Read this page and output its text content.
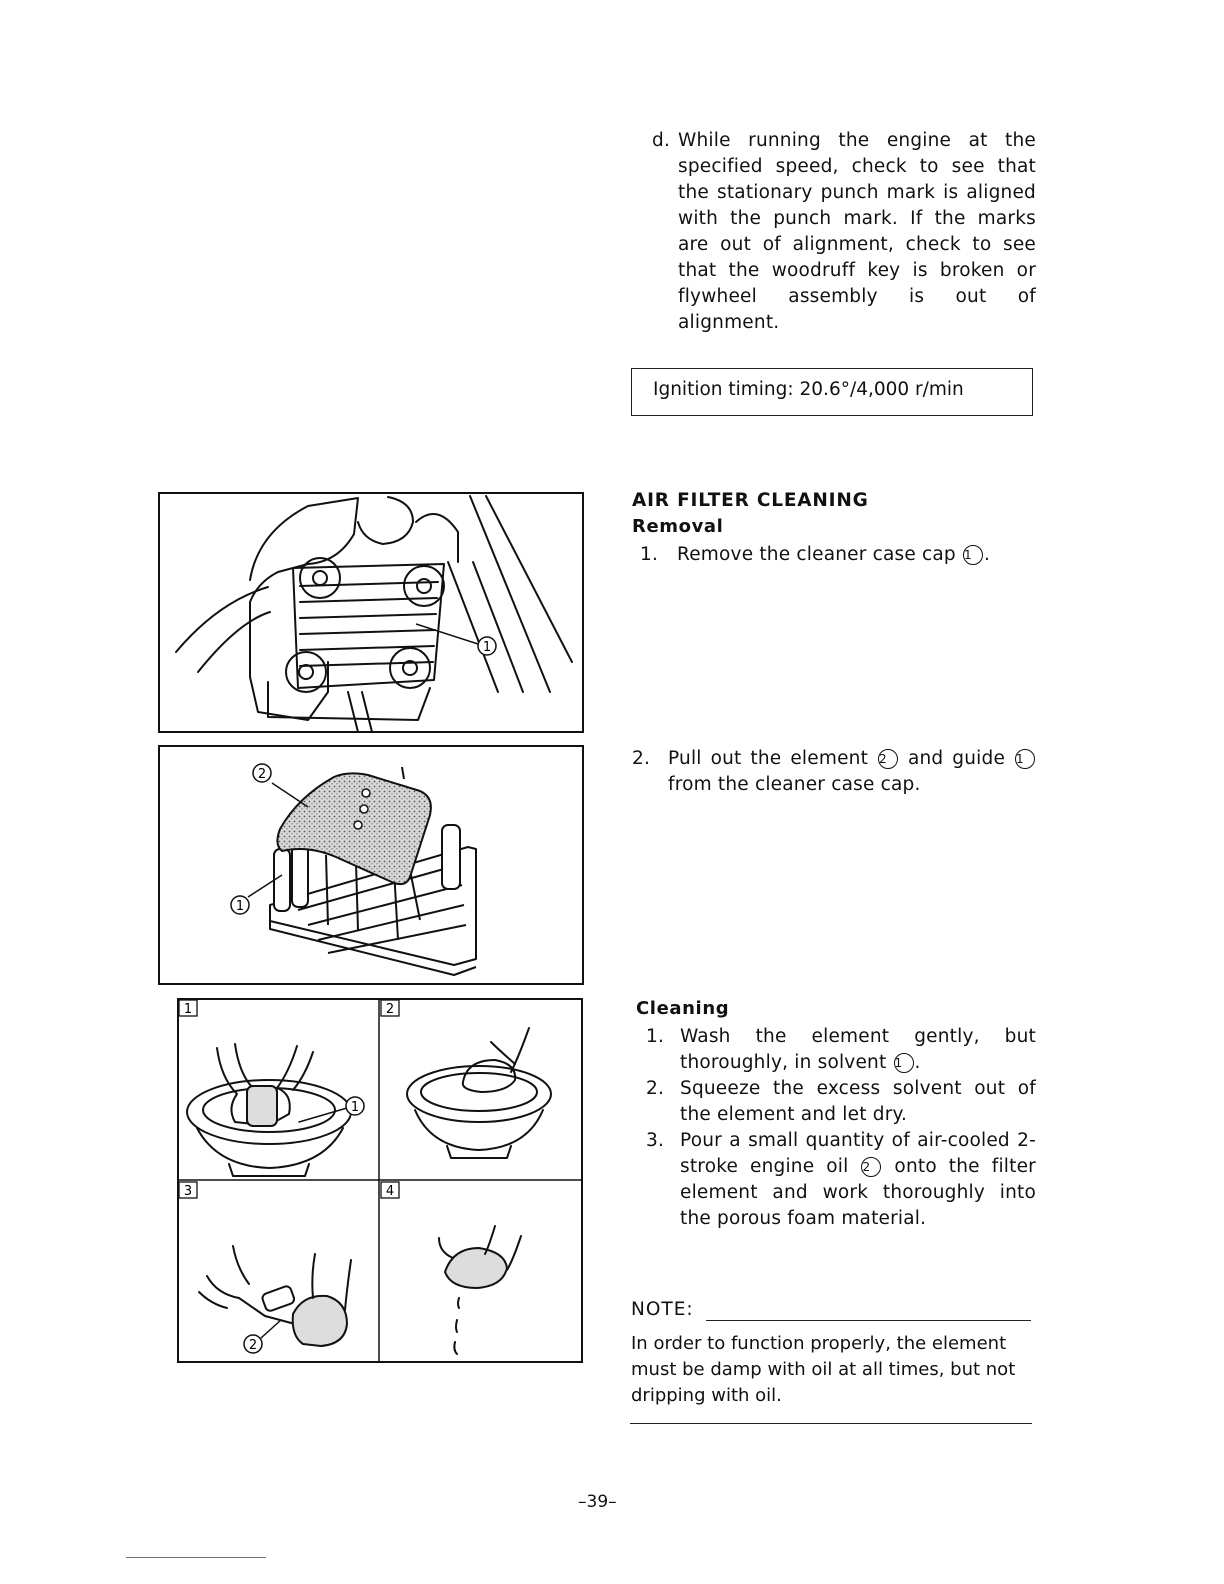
d. While running the engine at the specified speed, check to see that the stationary punch mark is aligned with the punch mark. If the marks are out of alignment, check to see that the woodruff key is broken or flywheel assembly is out of alignment.
Ignition timing: 20.6°/4,000 r/min
AIR FILTER CLEANING
Removal
1. Remove the cleaner case cap 1 .
2. Pull out the element 2 and guide 1 from the cleaner case cap.
Cleaning
1. Wash the element gently, but thoroughly, in solvent 1 .
2. Squeeze the excess solvent out of the element and let dry.
3. Pour a small quantity of air-cooled 2-stroke engine oil 2 onto the filter element and work thoroughly into the porous foam material.
NOTE:
In order to function properly, the element must be damp with oil at all times, but not dripping with oil.
1
2
1
1	2
3	4
1
2
–39–
